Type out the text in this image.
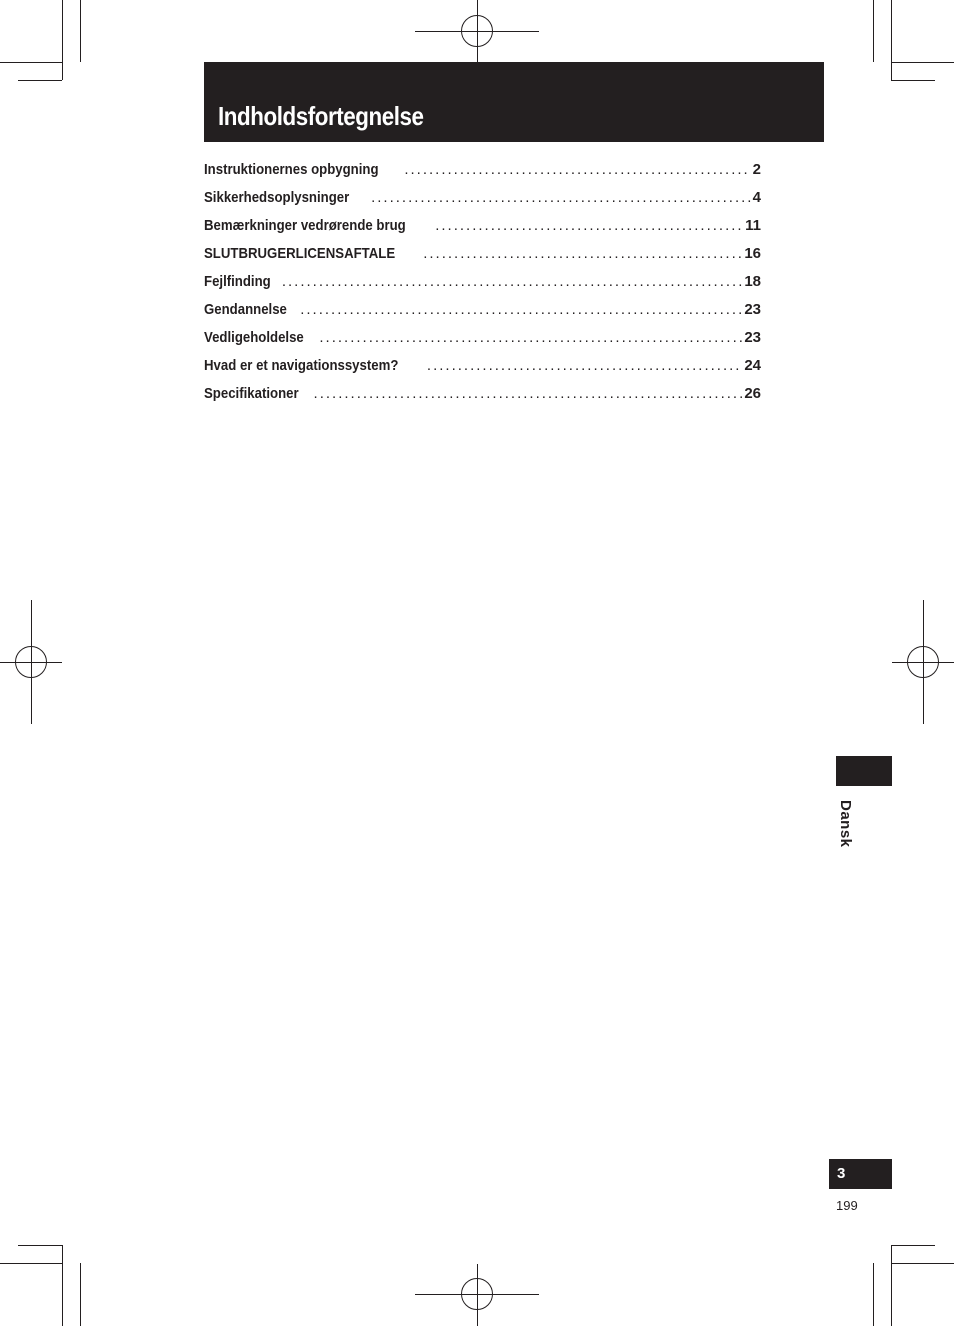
Indholdsfortegnelse
Instruktionernes opbygning .....	2
Sikkerhedsoplysninger .....	4
Bemærkninger vedrørende brug .....	11
SLUTBRUGERLICENSAFTALE .....	16
Fejlfinding .....	18
Gendannelse .....	23
Vedligeholdelse .....	23
Hvad er et navigationssystem? .....	24
Specifikationer .....	26
Dansk
3
199
